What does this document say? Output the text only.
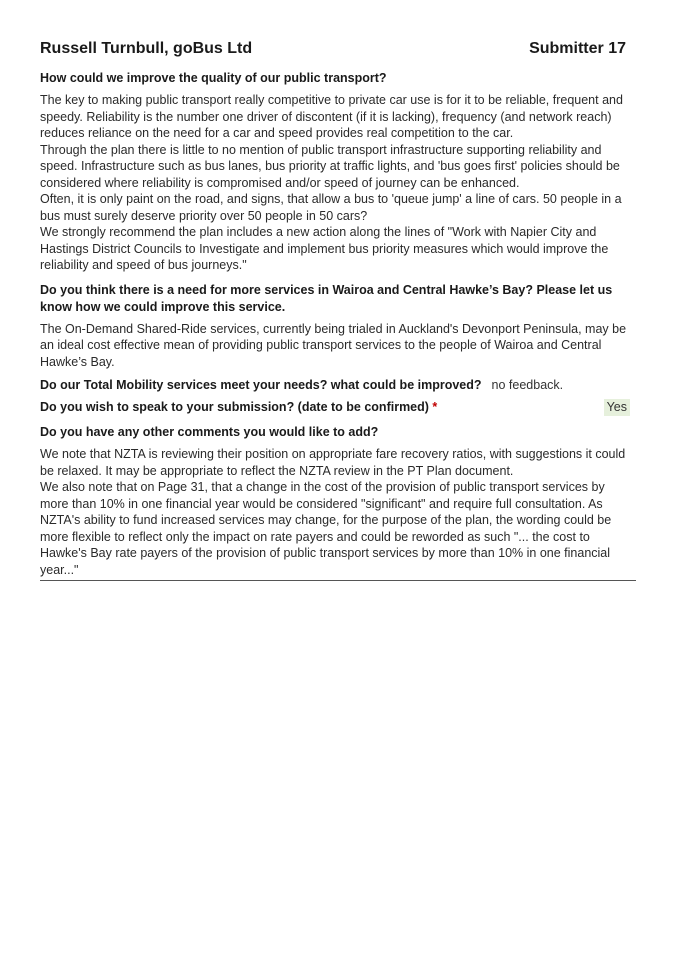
Russell Turnbull, goBus Ltd	Submitter 17
How could we improve the quality of our public transport?

The key to making public transport really competitive to private car use is for it to be reliable, frequent and speedy. Reliability is the number one driver of discontent (if it is lacking), frequency (and network reach) reduces reliance on the need for a car and speed provides real competition to the car.

Through the plan there is little to no mention of public transport infrastructure supporting reliability and speed. Infrastructure such as bus lanes, bus priority at traffic lights, and 'bus goes first' policies should be considered where reliability is compromised and/or speed of journey can be enhanced.

Often, it is only paint on the road, and signs, that allow a bus to 'queue jump' a line of cars. 50 people in a bus must surely deserve priority over 50 people in 50 cars?

We strongly recommend the plan includes a new action along the lines of "Work with Napier City and Hastings District Councils to Investigate and implement bus priority measures which would improve the reliability and speed of bus journeys."

Do you think there is a need for more services in Wairoa and Central Hawke’s Bay? Please let us know how we could improve this service.
The On-Demand Shared-Ride services, currently being trialed in Auckland's Devonport Peninsula, may be an ideal cost effective mean of providing public transport services to the people of Wairoa and Central Hawke’s Bay.
Do our Total Mobility services meet your needs? what could be improved? no feedback.
Do you wish to speak to your submission? (date to be confirmed) *	Yes
Do you have any other comments you would like to add?

We note that NZTA is reviewing their position on appropriate fare recovery ratios, with suggestions it could be relaxed. It may be appropriate to reflect the NZTA review in the PT Plan document.

We also note that on Page 31, that a change in the cost of the provision of public transport services by more than 10% in one financial year would be considered "significant" and require full consultation. As NZTA's ability to fund increased services may change, for the purpose of the plan, the wording could be more flexible to reflect only the impact on rate payers and could be reworded as such "... the cost to Hawke's Bay rate payers of the provision of public transport services by more than 10% in one financial year..."
